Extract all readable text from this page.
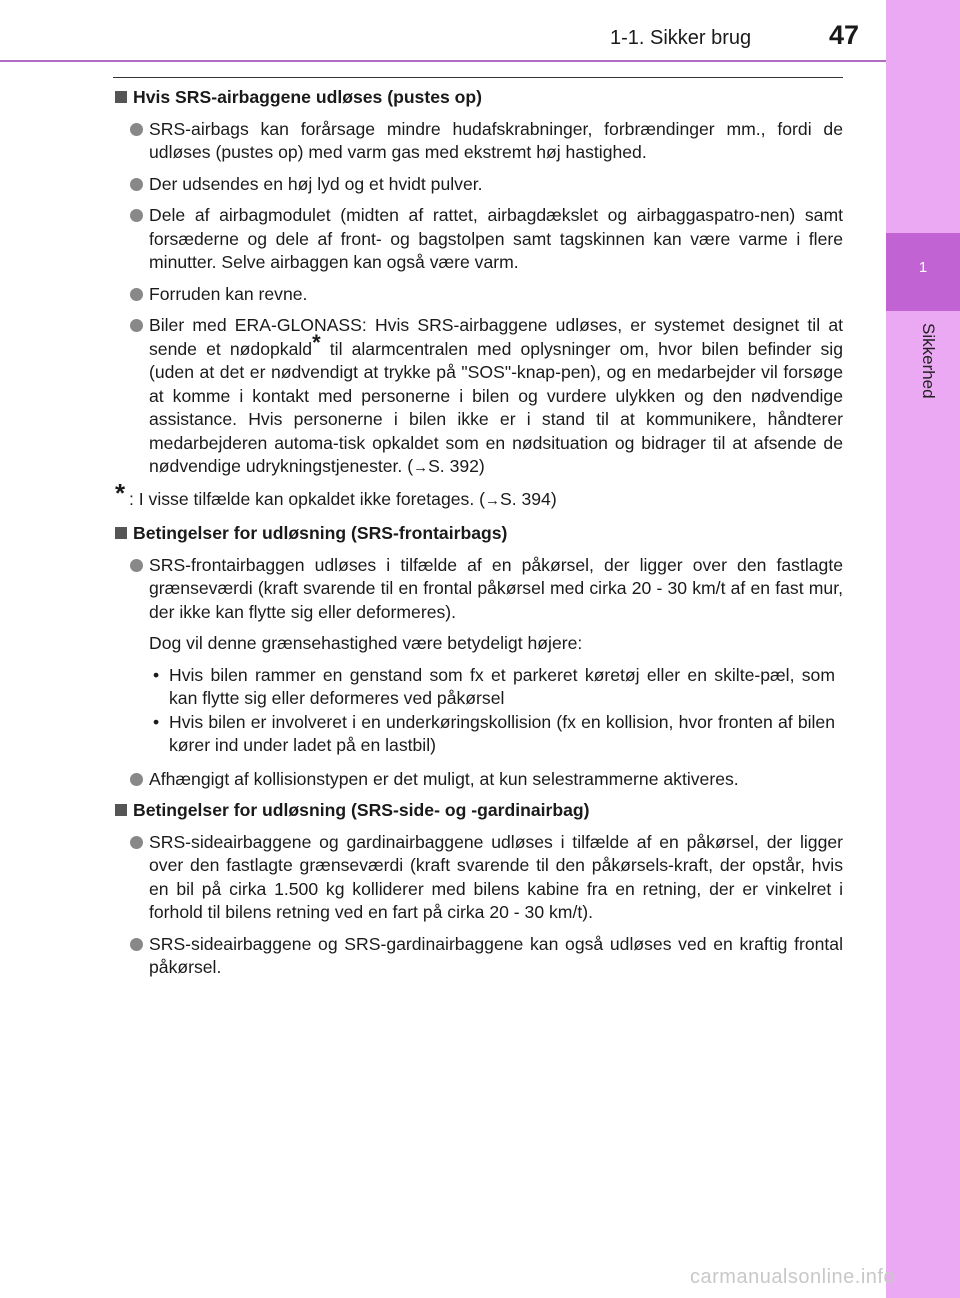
1
Sikkerhed
1-1. Sikker brug	47
Hvis SRS-airbaggene udløses (pustes op)
SRS-airbags kan forårsage mindre hudafskrabninger, forbrændinger mm., fordi de udløses (pustes op) med varm gas med ekstremt høj hastighed.
Der udsendes en høj lyd og et hvidt pulver.
Dele af airbagmodulet (midten af rattet, airbagdækslet og airbaggaspatro-nen) samt forsæderne og dele af front- og bagstolpen samt tagskinnen kan være varme i flere minutter. Selve airbaggen kan også være varm.
Forruden kan revne.
Biler med ERA-GLONASS: Hvis SRS-airbaggene udløses, er systemet designet til at sende et nødopkald* til alarmcentralen med oplysninger om, hvor bilen befinder sig (uden at det er nødvendigt at trykke på "SOS"-knap-pen), og en medarbejder vil forsøge at komme i kontakt med personerne i bilen og vurdere ulykken og den nødvendige assistance. Hvis personerne i bilen ikke er i stand til at kommunikere, håndterer medarbejderen automa-tisk opkaldet som en nødsituation og bidrager til at afsende de nødvendige udrykningstjenester. (→S. 392)
* : I visse tilfælde kan opkaldet ikke foretages. (→S. 394)
Betingelser for udløsning (SRS-frontairbags)
SRS-frontairbaggen udløses i tilfælde af en påkørsel, der ligger over den fastlagte grænseværdi (kraft svarende til en frontal påkørsel med cirka 20 - 30 km/t af en fast mur, der ikke kan flytte sig eller deformeres).
Dog vil denne grænsehastighed være betydeligt højere:
• Hvis bilen rammer en genstand som fx et parkeret køretøj eller en skilte-pæl, som kan flytte sig eller deformeres ved påkørsel
• Hvis bilen er involveret i en underkøringskollision (fx en kollision, hvor fronten af bilen kører ind under ladet på en lastbil)
Afhængigt af kollisionstypen er det muligt, at kun selestrammerne aktiveres.
Betingelser for udløsning (SRS-side- og -gardinairbag)
SRS-sideairbaggene og gardinairbaggene udløses i tilfælde af en påkørsel, der ligger over den fastlagte grænseværdi (kraft svarende til den påkørsels-kraft, der opstår, hvis en bil på cirka 1.500 kg kolliderer med bilens kabine fra en retning, der er vinkelret i forhold til bilens retning ved en fart på cirka 20 - 30 km/t).
SRS-sideairbaggene og SRS-gardinairbaggene kan også udløses ved en kraftig frontal påkørsel.
carmanualsonline.info
